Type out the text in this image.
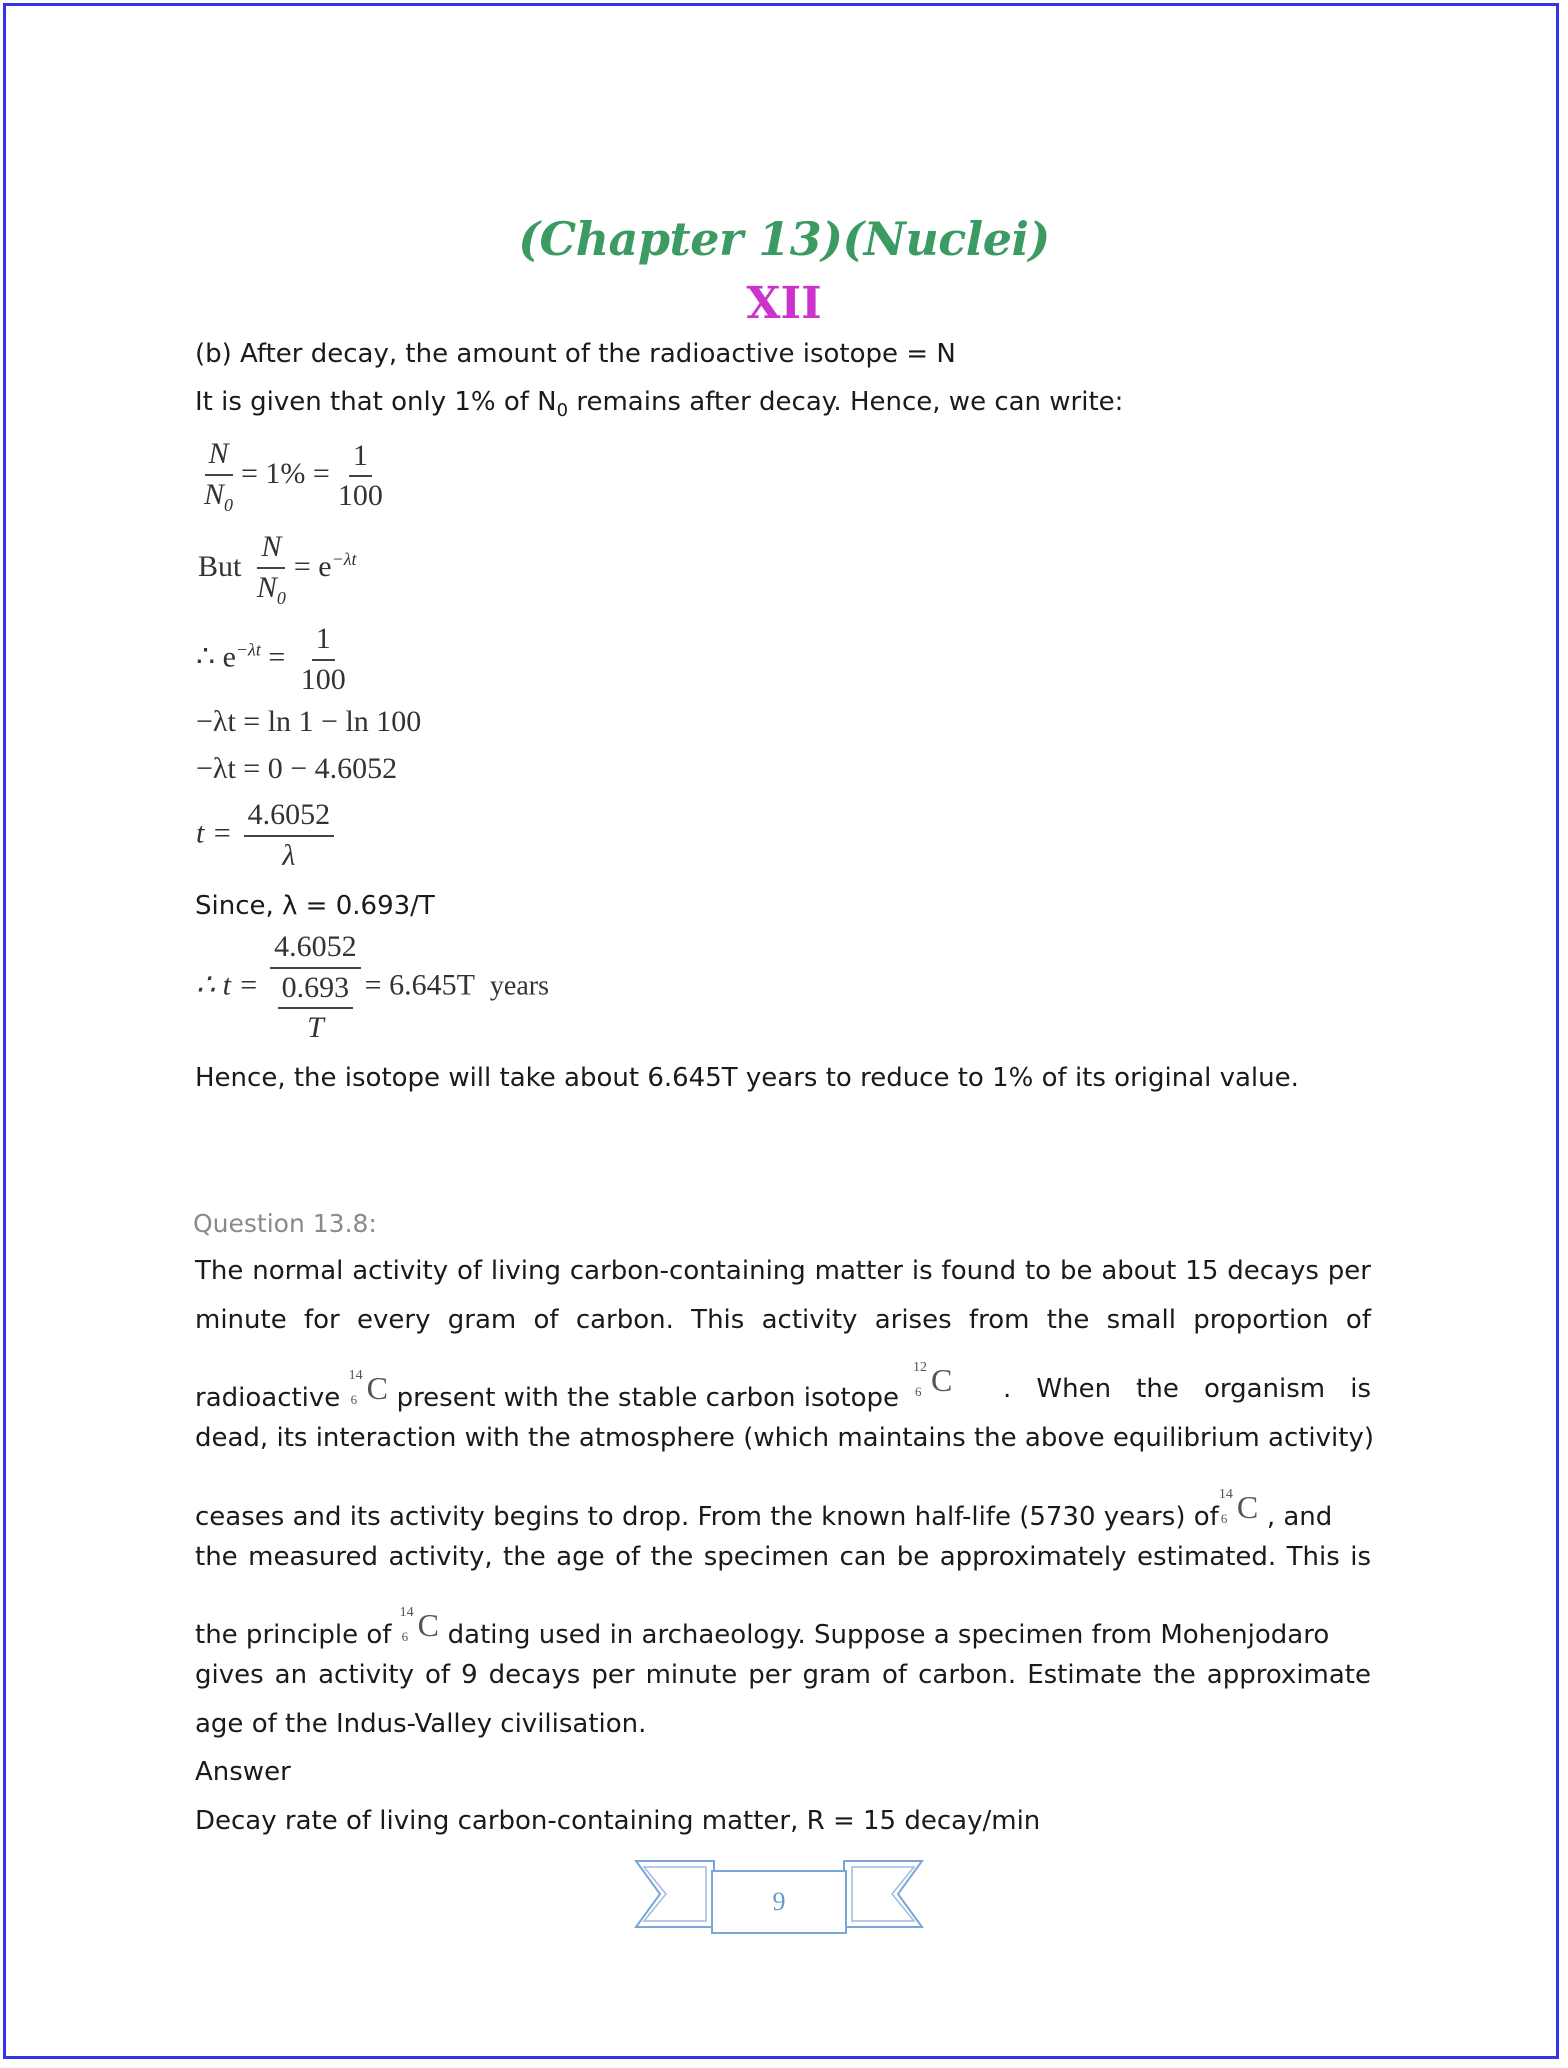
(Chapter 13)(Nuclei)
XII
(b) After decay, the amount of the radioactive isotope = N
It is given that only 1% of $N_0$ remains after decay. Hence, we can write:
$\frac{N}{N_0} = 1\% = \frac{1}{100}$
But $\frac{N}{N_0} = e^{-\lambda t}$
∴ $e^{-\lambda t} = \frac{1}{100}$
−λt = ln 1 − ln 100
−λt = 0 − 4.6052
$t = \frac{4.6052}{\lambda}$
Since, λ = 0.693/T
∴ $t = \frac{4.6052}{\frac{0.693}{T}} = 6.645T$ years
Hence, the isotope will take about 6.645T years to reduce to 1% of its original value.
Question 13.8:
The normal activity of living carbon-containing matter is found to be about 15 decays per
minute for every gram of carbon. This activity arises from the small proportion of
radioactive
14
6 C present with the stable carbon isotope
12
6 C . When the organism is
dead, its interaction with the atmosphere (which maintains the above equilibrium activity)
ceases and its activity begins to drop. From the known half-life (5730 years) of
14
6 C , and
the measured activity, the age of the specimen can be approximately estimated. This is
the principle of
14
6 C dating used in archaeology. Suppose a specimen from Mohenjodaro
gives an activity of 9 decays per minute per gram of carbon. Estimate the approximate
age of the Indus-Valley civilisation.
Answer
Decay rate of living carbon-containing matter, R = 15 decay/min
9
